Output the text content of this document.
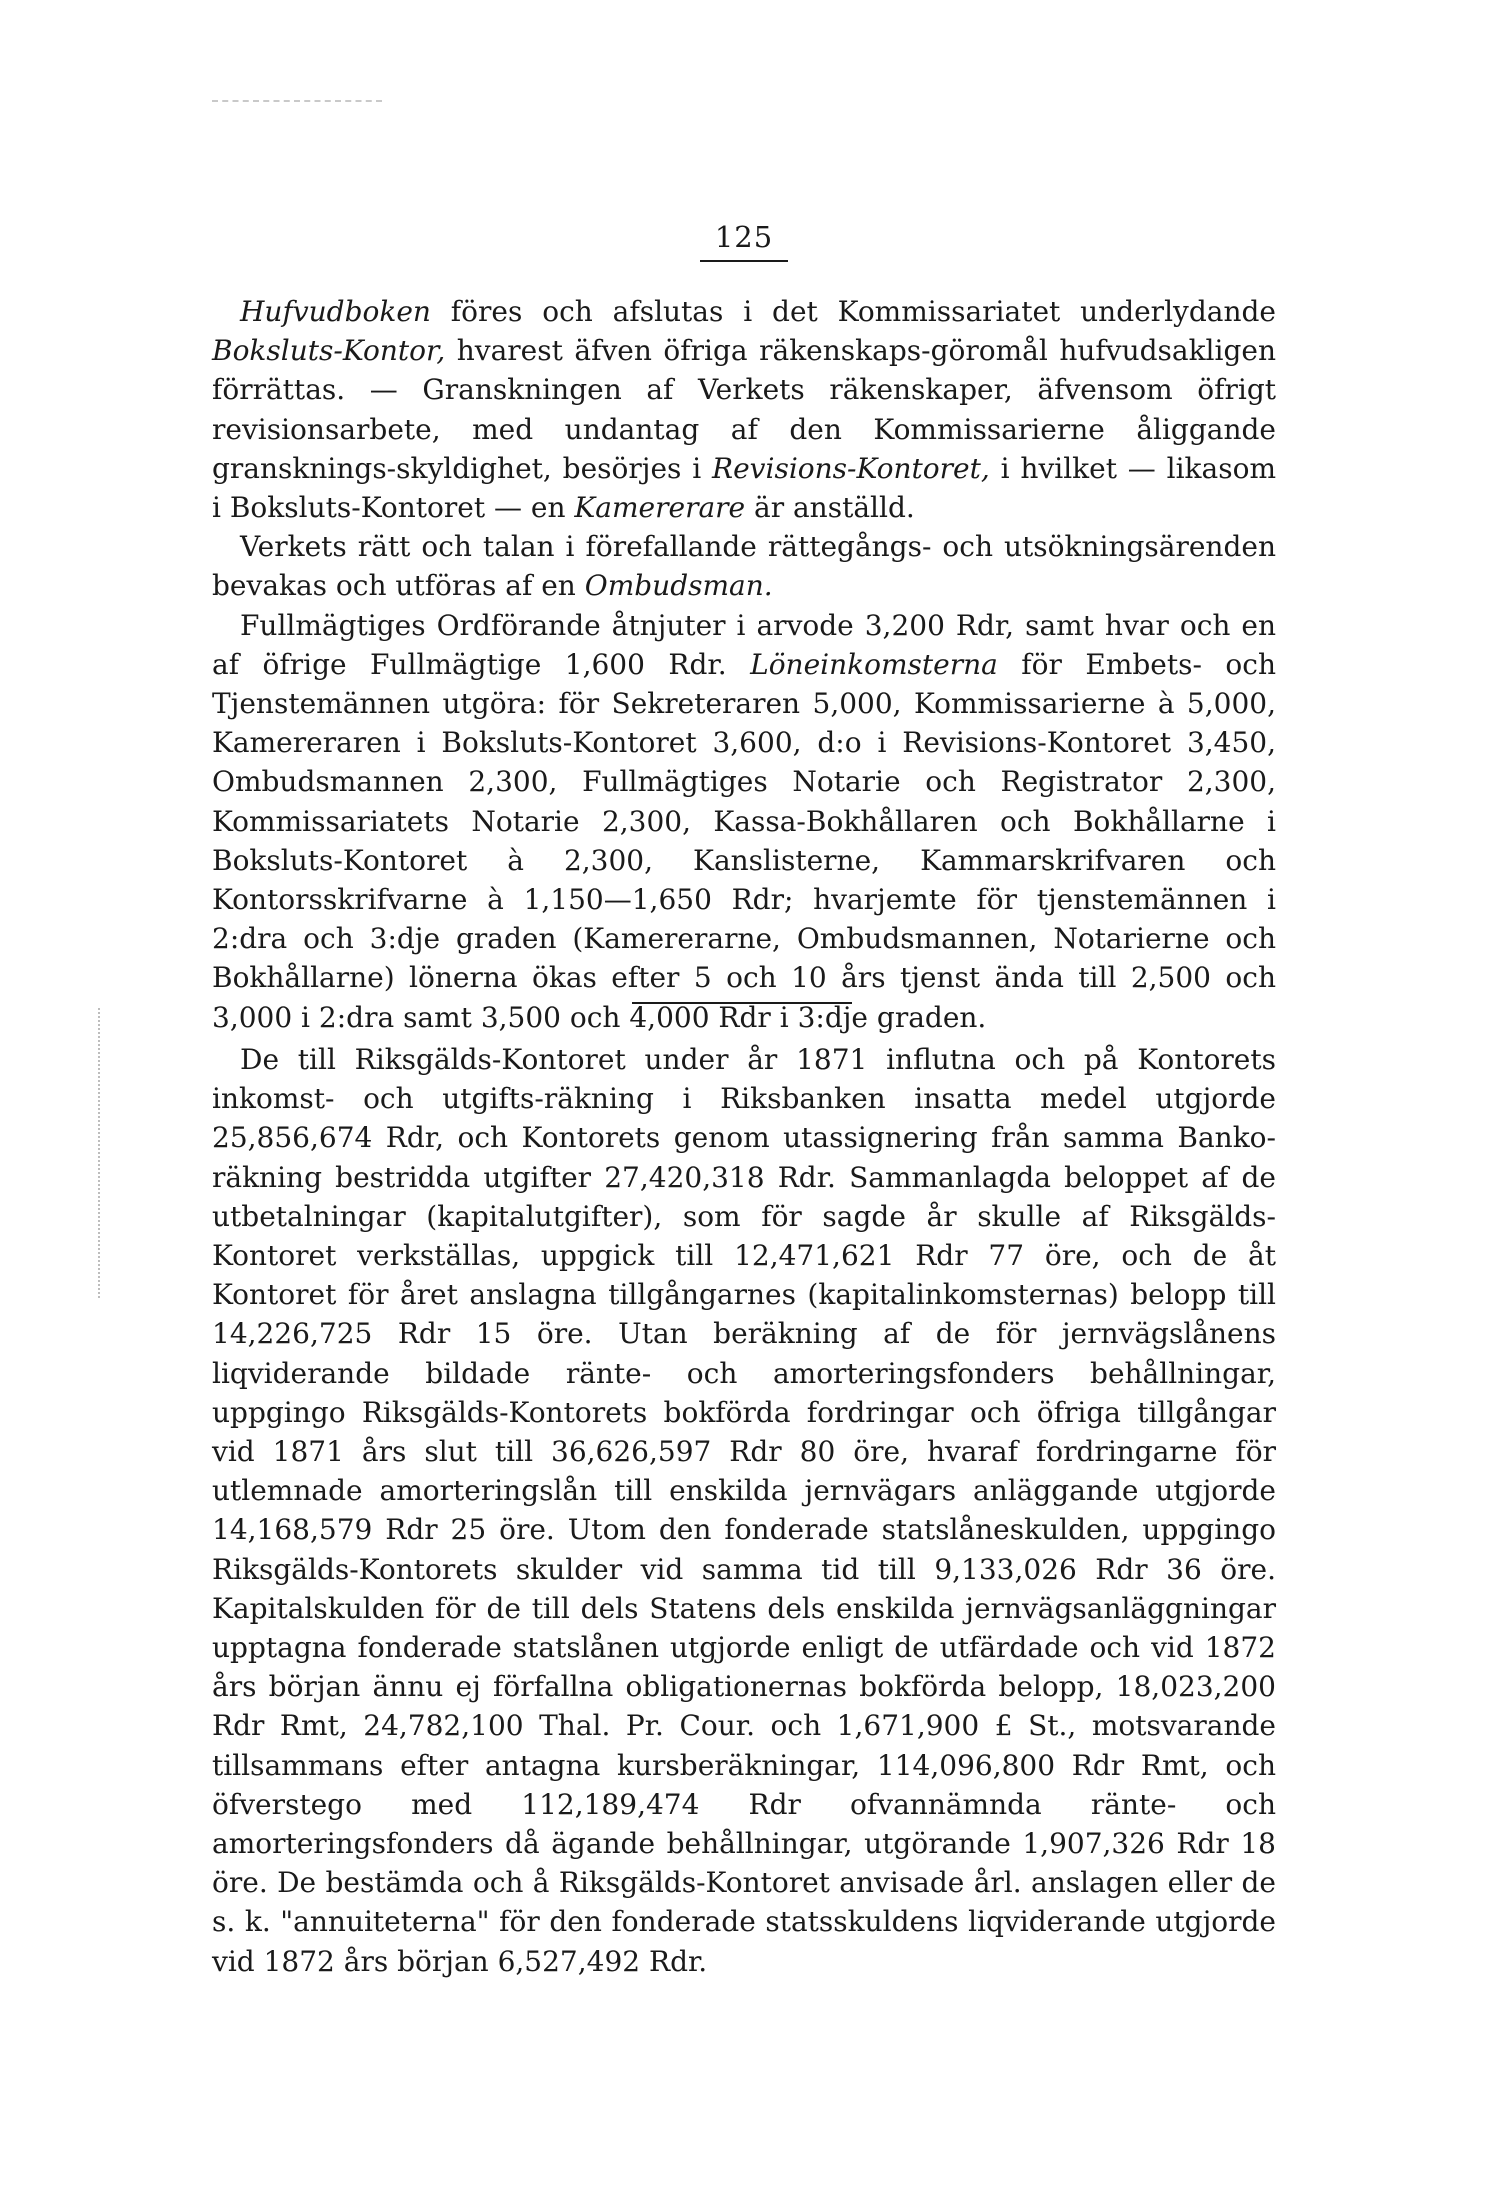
125

Hufvudboken föres och afslutas i det Kommissariatet underlydande Boksluts-Kontor, hvarest äfven öfriga räkenskaps-göromål hufvudsakligen förrättas. — Granskningen af Verkets räkenskaper, äfvensom öfrigt revisionsarbete, med undantag af den Kommissarierne åliggande gransknings-skyldighet, besörjes i Revisions-Kontoret, i hvilket — likasom i Boksluts-Kontoret — en Kamererare är anställd.

Verkets rätt och talan i förefallande rättegångs- och utsökningsärenden bevakas och utföras af en Ombudsman.

Fullmägtiges Ordförande åtnjuter i arvode 3,200 Rdr, samt hvar och en af öfrige Fullmägtige 1,600 Rdr. Löneinkomsterna för Embets- och Tjenstemännen utgöra: för Sekreteraren 5,000, Kommissarierne à 5,000, Kamereraren i Boksluts-Kontoret 3,600, d:o i Revisions-Kontoret 3,450, Ombudsmannen 2,300, Fullmägtiges Notarie och Registrator 2,300, Kommissariatets Notarie 2,300, Kassa-Bokhållaren och Bokhållarne i Boksluts-Kontoret à 2,300, Kanslisterne, Kammarskrifvaren och Kontorsskrifvarne à 1,150—1,650 Rdr; hvarjemte för tjenstemännen i 2:dra och 3:dje graden (Kamererarne, Ombudsmannen, Notarierne och Bokhållarne) lönerna ökas efter 5 och 10 års tjenst ända till 2,500 och 3,000 i 2:dra samt 3,500 och 4,000 Rdr i 3:dje graden.

De till Riksgälds-Kontoret under år 1871 influtna och på Kontorets inkomst- och utgifts-räkning i Riksbanken insatta medel utgjorde 25,856,674 Rdr, och Kontorets genom utassignering från samma Bankoräkning bestridda utgifter 27,420,318 Rdr. Sammanlagda beloppet af de utbetalningar (kapitalutgifter), som för sagde år skulle af Riksgälds-Kontoret verkställas, uppgick till 12,471,621 Rdr 77 öre, och de åt Kontoret för året anslagna tillgångarnes (kapitalinkomsternas) belopp till 14,226,725 Rdr 15 öre. Utan beräkning af de för jernvägslånens liqviderande bildade ränte- och amorteringsfonders behållningar, uppgingo Riksgälds-Kontorets bokförda fordringar och öfriga tillgångar vid 1871 års slut till 36,626,597 Rdr 80 öre, hvaraf fordringarne för utlemnade amorteringslån till enskilda jernvägars anläggande utgjorde 14,168,579 Rdr 25 öre. Utom den fonderade statslåneskulden, uppgingo Riksgälds-Kontorets skulder vid samma tid till 9,133,026 Rdr 36 öre. Kapitalskulden för de till dels Statens dels enskilda jernvägsanläggningar upptagna fonderade statslånen utgjorde enligt de utfärdade och vid 1872 års början ännu ej förfallna obligationernas bokförda belopp, 18,023,200 Rdr Rmt, 24,782,100 Thal. Pr. Cour. och 1,671,900 £ St., motsvarande tillsammans efter antagna kursberäkningar, 114,096,800 Rdr Rmt, och öfverstego med 112,189,474 Rdr ofvannämnda ränte- och amorteringsfonders då ägande behållningar, utgörande 1,907,326 Rdr 18 öre. De bestämda och å Riksgälds-Kontoret anvisade årl. anslagen eller de s. k. "annuiteterna" för den fonderade statsskuldens liqviderande utgjorde vid 1872 års början 6,527,492 Rdr.
